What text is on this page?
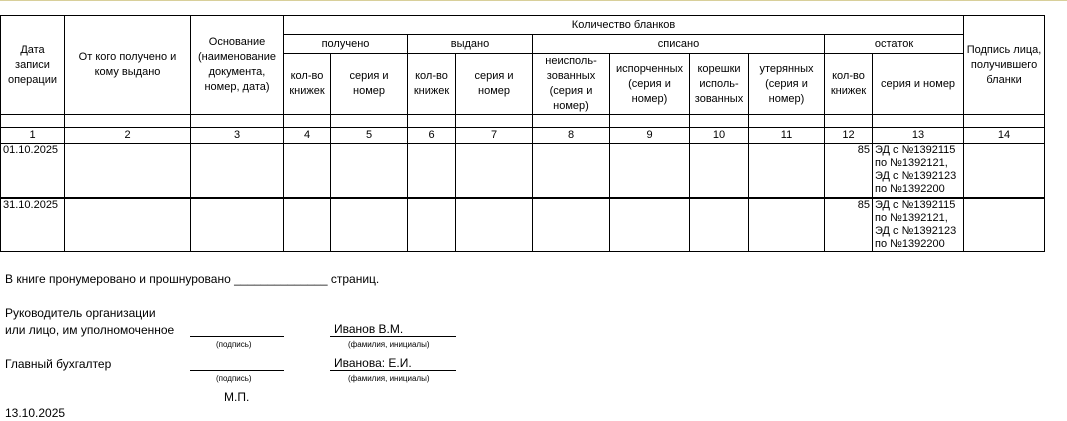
Дата записи операции	От кого получено и кому выдано	Основание (наименование документа, номер, дата)	Количество бланков										Подпись лица, получившего бланки
			получено		выдано		списано				остаток		
			кол-во книжек	серия и номер	кол-во книжек	серия и номер	неисполь-зованных (серия и номер)	испорченных (серия и номер)	корешки исполь-зованных	утерянных (серия и номер)	кол-во книжек	серия и номер	

1	2	3	4	5	6	7	8	9	10	11	12	13	14
01.10.2025											85	ЭД с №1392115
по №1392121,
ЭД с №1392123
по №1392200	
31.10.2025											85	ЭД с №1392115
по №1392121,
ЭД с №1392123
по №1392200	
В книге пронумеровано и прошнуровано ______________ страниц.
Руководитель организации
или лицо, им уполномоченное	Иванов В.М.
(подпись)	(фамилия, инициалы)
Главный бухгалтер	Иванова: Е.И.
(подпись)	(фамилия, инициалы)
М.П.
13.10.2025
